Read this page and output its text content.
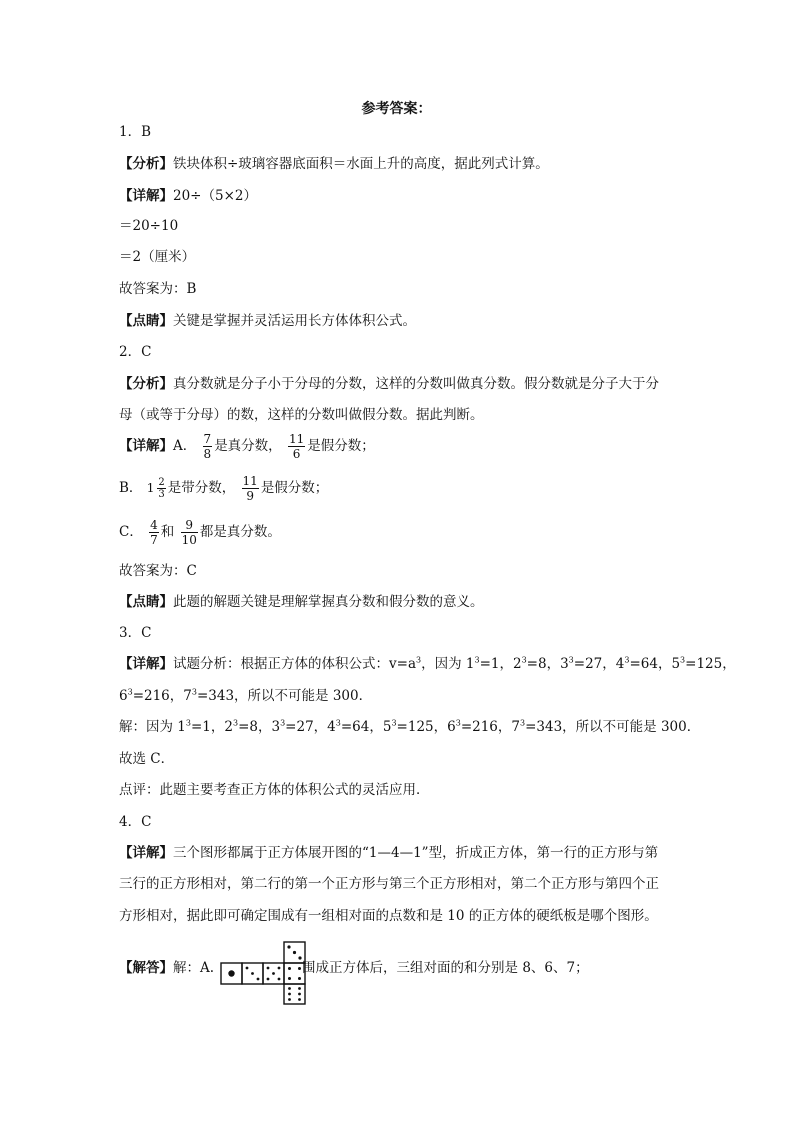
参考答案：
1．B
【分析】铁块体积÷玻璃容器底面积＝水面上升的高度，据此列式计算。
【详解】20÷（5×2）
＝20÷10
＝2（厘米）
故答案为：B
【点睛】关键是掌握并灵活运用长方体体积公式。
2．C
【分析】真分数就是分子小于分母的分数，这样的分数叫做真分数。假分数就是分子大于分
母（或等于分母）的数，这样的分数叫做假分数。据此判断。
【详解】A． $\frac{7}{8}$ 是真分数， $\frac{11}{6}$ 是假分数；
B． $1 \frac{2}{3}$ 是带分数， $\frac{11}{9}$ 是假分数；
C． $\frac{4}{7}$ 和 $\frac{9}{10}$ 都是真分数。
故答案为：C
【点睛】此题的解题关键是理解掌握真分数和假分数的意义。
3．C
【详解】试题分析：根据正方体的体积公式：$v=a^3$，因为 $1^3=1$，$2^3=8$，$3^3=27$，$4^3=64$，$5^3=125$，
$6^3=216$，$7^3=343$，所以不可能是 300．
解：因为 $1^3=1$，$2^3=8$，$3^3=27$，$4^3=64$，$5^3=125$，$6^3=216$，$7^3=343$，所以不可能是 300．
故选 C．
点评：此题主要考查正方体的体积公式的灵活应用．
4．C
【详解】三个图形都属于正方体展开图的“1—4—1”型，折成正方体，第一行的正方形与第
三行的正方形相对，第二行的第一个正方形与第三个正方形相对，第二个正方形与第四个正
方形相对，据此即可确定围成有一组相对面的点数和是 10 的正方体的硬纸板是哪个图形。
【解答】解：A.	围成正方体后，三组对面的和分别是 8、6、7；
